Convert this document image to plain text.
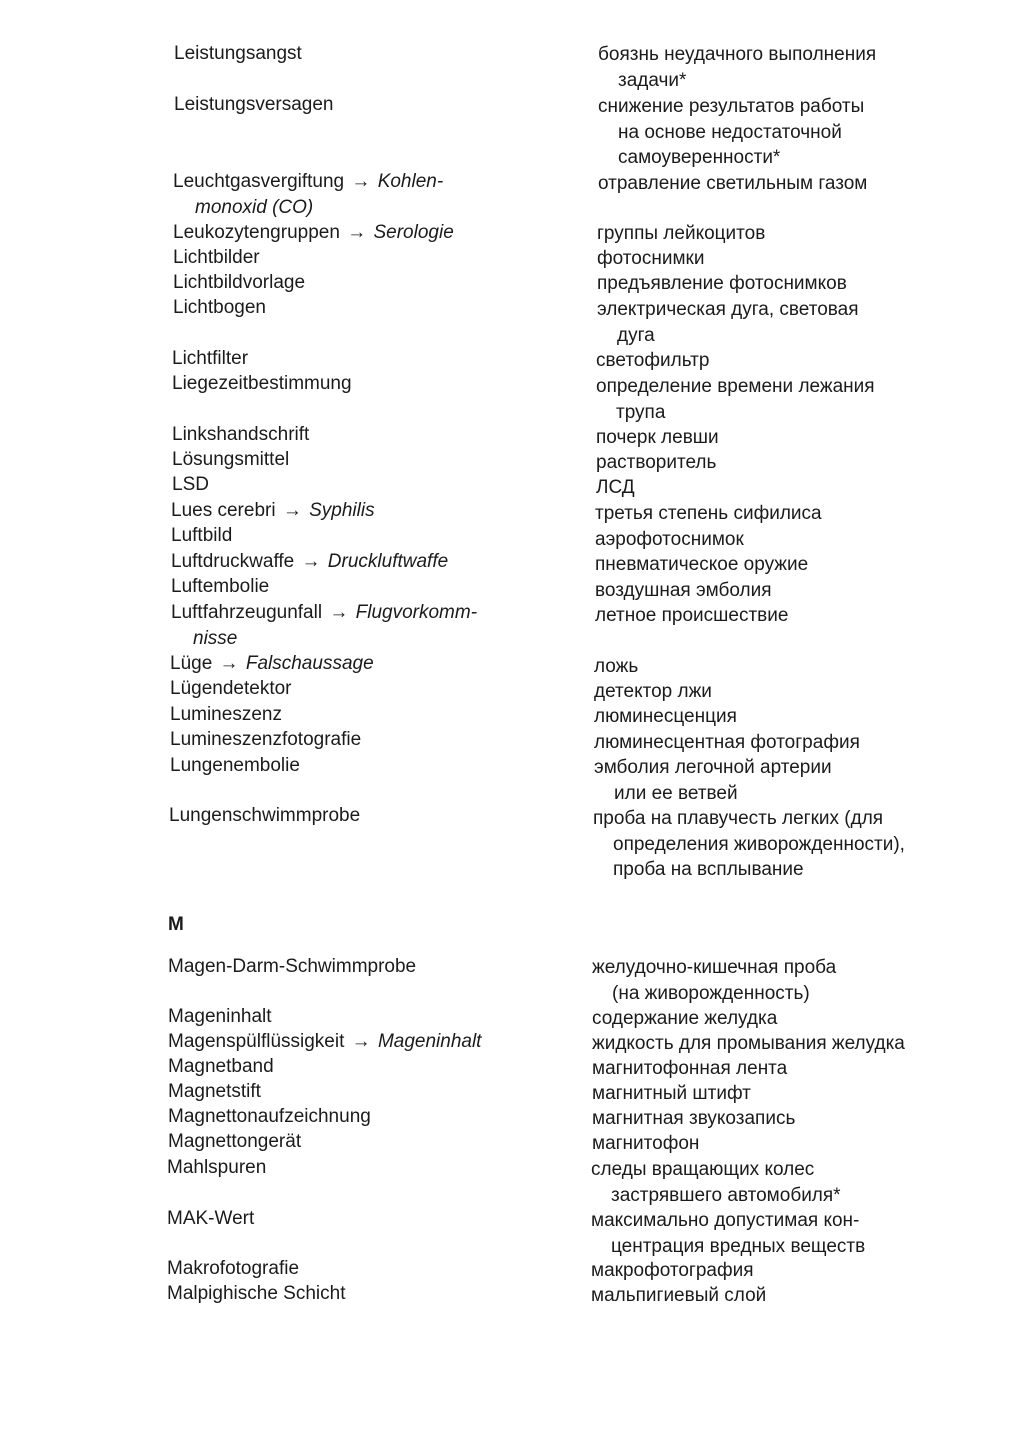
Leistungsangst
Leistungsversagen
Leuchtgasvergiftung → Kohlen-
monoxid (CO)
Leukozytengruppen → Serologie
Lichtbilder
Lichtbildvorlage
Lichtbogen
Lichtfilter
Liegezeitbestimmung
Linkshandschrift
Lösungsmittel
LSD
Lues cerebri → Syphilis
Luftbild
Luftdruckwaffe → Druckluftwaffe
Luftembolie
Luftfahrzeugunfall → Flugvorkomm-
nisse
Lüge → Falschaussage
Lügendetektor
Lumineszenz
Lumineszenzfotografie
Lungenembolie
Lungenschwimmprobe
Magen-Darm-Schwimmprobe
Mageninhalt
Magenspülflüssigkeit → Mageninhalt
Magnetband
Magnetstift
Magnettonaufzeichnung
Magnettongerät
Mahlspuren
MAK-Wert
Makrofotografie
Malpighische Schicht
боязнь неудачного выполнения
задачи*
снижение результатов работы
на основе недостаточной
самоуверенности*
отравление светильным газом
группы лейкоцитов
фотоснимки
предъявление фотоснимков
электрическая дуга, световая
дуга
светофильтр
определение времени лежания
трупа
почерк левши
растворитель
ЛСД
третья степень сифилиса
аэрофотоснимок
пневматическое оружие
воздушная эмболия
летное происшествие
ложь
детектор лжи
люминесценция
люминесцентная фотография
эмболия легочной артерии
или ее ветвей
проба на плавучесть легких (для
определения живорожденности),
проба на всплывание
желудочно-кишечная проба
(на живорожденность)
содержание желудка
жидкость для промывания желудка
магнитофонная лента
магнитный штифт
магнитная звукозапись
магнитофон
следы вращающих колес
застрявшего автомобиля*
максимально допустимая кон-
центрация вредных веществ
макрофотография
мальпигиевый слой
M
